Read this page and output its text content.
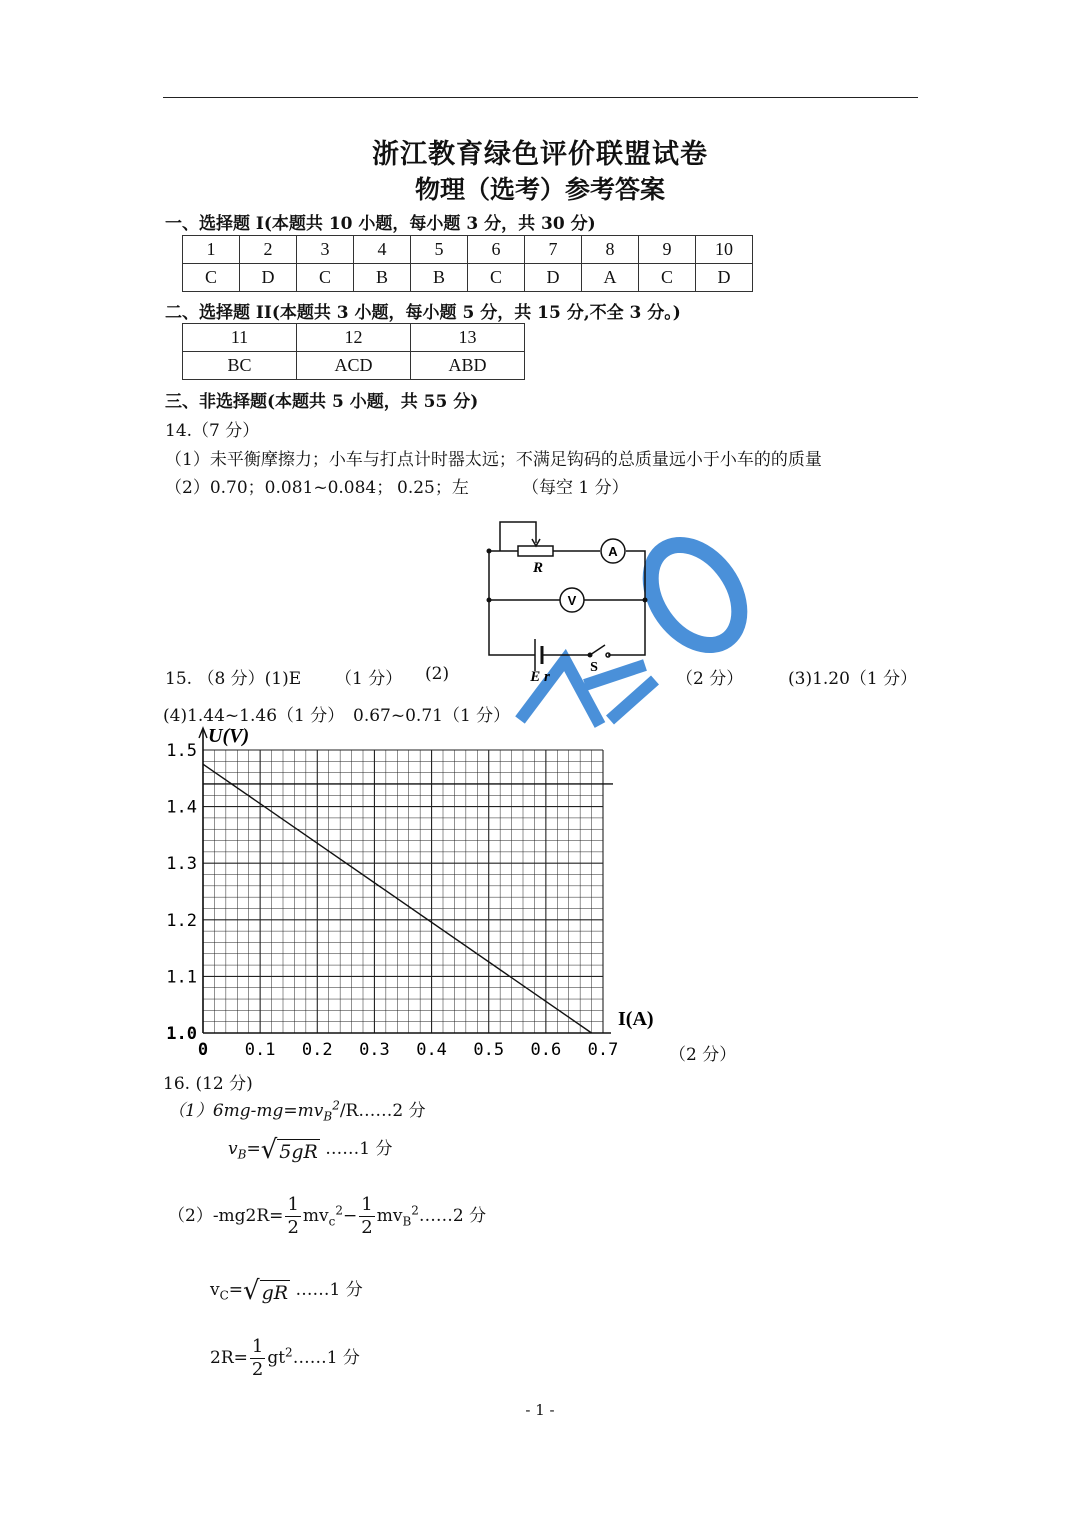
浙江教育绿色评价联盟试卷
物理（选考）参考答案
一、选择题 I(本题共 10 小题，每小题 3 分，共 30 分)
1	2	3	4	5	6	7	8	9	10
C	D	C	B	B	C	D	A	C	D
二、选择题 II(本题共 3 小题，每小题 5 分，共 15 分,不全 3 分。)
11	12	13
BC	ACD	ABD
三、非选择题(本题共 5 小题，共 55 分)
14.（7 分）
（1）未平衡摩擦力；小车与打点计时器太远；不满足钩码的总质量远小于小车的的质量
（2）0.70；0.081~0.084； 0.25；左	（每空 1 分）
A
V
R
E r
S
15. （8 分）(1)E （1 分） (2)	（2 分）	(3)1.20（1 分）
(4)1.44~1.46（1 分） 0.67~0.71（1 分）
0 0.1 0.2 0.3 0.4 0.5 0.6 0.7
1.0
1.1
1.2
1.3
1.4
1.5
U(V)
I(A)
（2 分）
16. (12 分)
$(1)6mg-mg=mv_B^2/R\dots\dots 2$ 分
$v_B=√$ 5gR ……1 分
$(2)-mg2R= \frac{1}{2} mv_c^2- \frac{1}{2}$ $mv_B^2\dots\dots 2$ 分
$v_C=√$ gR ……1 分
$2R= \frac{1}{2}$ $gt^2\dots\dots 1$ 分
- 1 -
